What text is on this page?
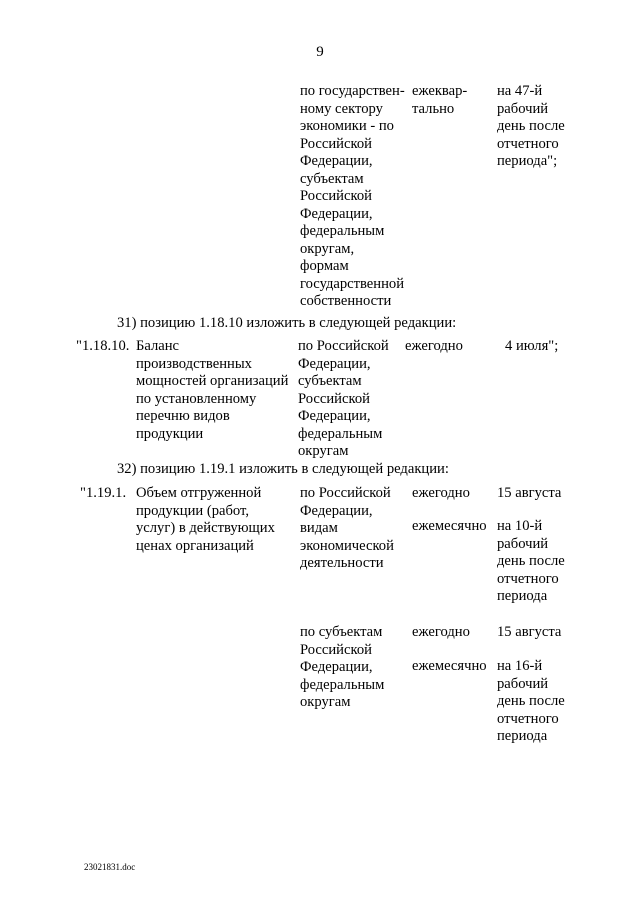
9
по государствен-
ному сектору
экономики - по
Российской
Федерации,
субъектам
Российской
Федерации,
федеральным
округам,
формам
государственной
собственности
ежеквар-
тально
на 47-й
рабочий
день после
отчетного
периода";
31) позицию 1.18.10 изложить в следующей редакции:
"1.18.10. Баланс
производственных
мощностей организаций
по установленному
перечню видов
продукции
по Российской
Федерации,
субъектам
Российской
Федерации,
федеральным
округам
ежегодно	4 июля";
32) позицию 1.19.1 изложить в следующей редакции:
"1.19.1. Объем отгруженной
продукции (работ,
услуг) в действующих
ценах организаций
по Российской
Федерации,
видам
экономической
деятельности
ежегодно 15 августа
ежемесячно на 10-й
рабочий
день после
отчетного
периода
по субъектам
Российской
Федерации,
федеральным
округам
ежегодно 15 августа
ежемесячно на 16-й
рабочий
день после
отчетного
периода
23021831.doc
